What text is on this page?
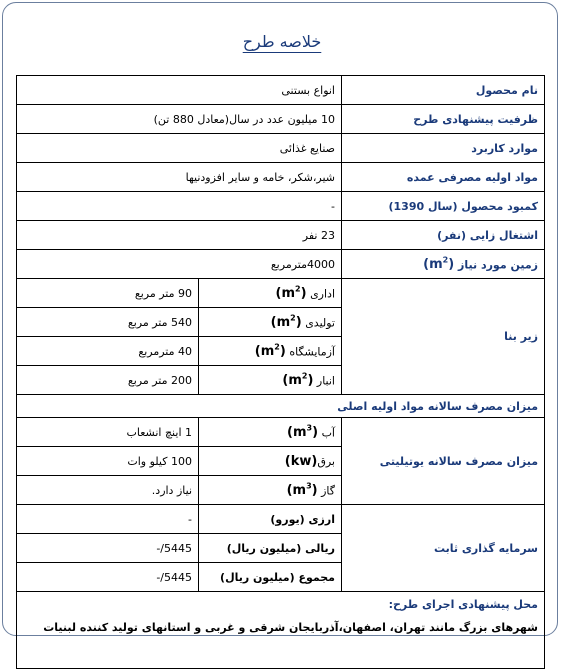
خلاصه طرح
نام محصول	انواع بستنی	
ظرفیت پیشنهادی طرح	10 میلیون عدد در سال(معادل 880 تن)	
موارد کاربرد	صنایع غذائی	
مواد اولیه مصرفی عمده	شیر،شکر، خامه و سایر افزودنیها	
کمبود محصول (سال 1390)	-	
اشتغال زایی (نفر)	23 نفر	
زمین مورد نیاز $(m^2)$	4000مترمربع	
زیر بنا	اداری $(m^2)$	90 متر مربع
	تولیدی $(m^2)$	540 متر مربع
	آزمایشگاه $(m^2)$	40 مترمربع
	انبار $(m^2)$	200 متر مربع
میزان مصرف سالانه مواد اولیه اصلی		
میزان مصرف سالانه یوتیلیتی	آب $(m^3)$	1 اینچ انشعاب
	برق(kw)	100 کیلو وات
	گاز $(m^3)$	نیاز دارد.
سرمایه گذاری ثابت	ارزی (یورو)	-
	ریالی (میلیون ریال)	5445/-
	مجموع (میلیون ریال)	5445/-

محل پیشنهادی اجرای طرح:
شهرهای بزرگ مانند تهران، اصفهان،آذربایجان شرقی و غربی و استانهای تولید کننده لبنیات		
